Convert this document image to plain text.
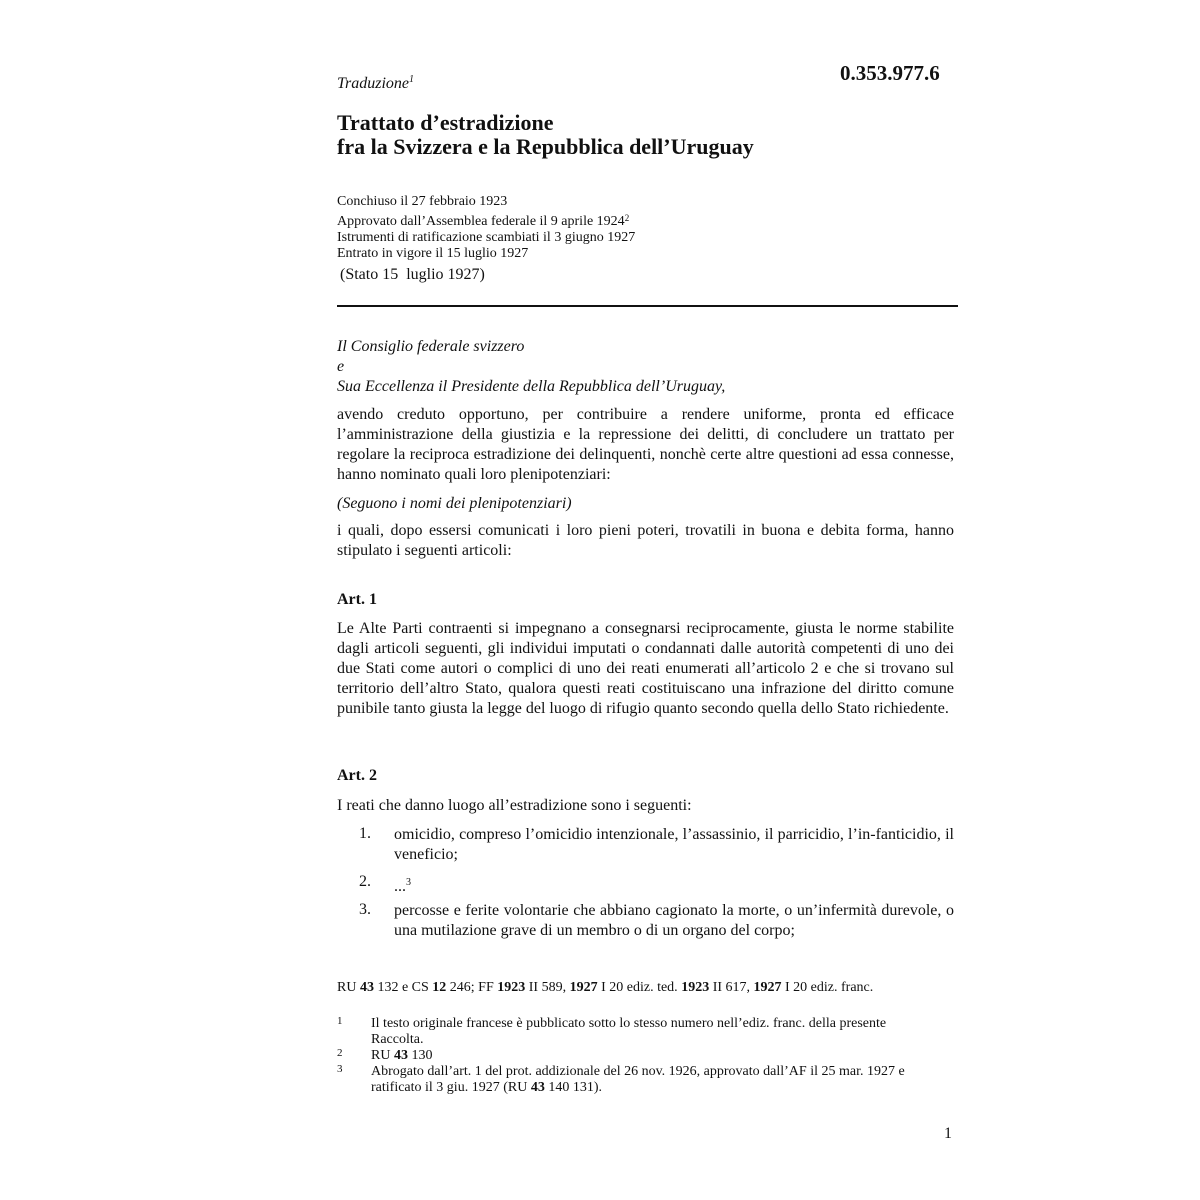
0.353.977.6
Traduzione$^1$
Trattato d’estradizione
fra la Svizzera e la Repubblica dell’Uruguay
Conchiuso il 27 febbraio 1923
Approvato dall’Assemblea federale il 9 aprile 1924$^2$
Istrumenti di ratificazione scambiati il 3 giugno 1927
Entrato in vigore il 15 luglio 1927
(Stato 15  luglio 1927)
Il Consiglio federale svizzero
e
Sua Eccellenza il Presidente della Repubblica dell’Uruguay,
avendo creduto opportuno, per contribuire a rendere uniforme, pronta ed efficace l’amministrazione della giustizia e la repressione dei delitti, di concludere un trattato per regolare la reciproca estradizione dei delinquenti, nonchè certe altre questioni ad essa connesse, hanno nominato quali loro plenipotenziari:
(Seguono i nomi dei plenipotenziari)
i quali, dopo essersi comunicati i loro pieni poteri, trovatili in buona e debita forma, hanno stipulato i seguenti articoli:
Art. 1
Le Alte Parti contraenti si impegnano a consegnarsi reciprocamente, giusta le norme stabilite dagli articoli seguenti, gli individui imputati o condannati dalle autorità competenti di uno dei due Stati come autori o complici di uno dei reati enumerati all’articolo 2 e che si trovano sul territorio dell’altro Stato, qualora questi reati costituiscano una infrazione del diritto comune punibile tanto giusta la legge del luogo di rifugio quanto secondo quella dello Stato richiedente.
Art. 2
I reati che danno luogo all’estradizione sono i seguenti:
1. omicidio, compreso l’omicidio intenzionale, l’assassinio, il parricidio, l’in-fanticidio, il veneficio;
2. ...$^3$
3. percosse e ferite volontarie che abbiano cagionato la morte, o un’infermità durevole, o una mutilazione grave di un membro o di un organo del corpo;
RU 43 132 e CS 12 246; FF 1923 II 589, 1927 I 20 ediz. ted. 1923 II 617, 1927 I 20 ediz. franc.
1 Il testo originale francese è pubblicato sotto lo stesso numero nell’ediz. franc. della presente Raccolta.
2 RU 43 130
3 Abrogato dall’art. 1 del prot. addizionale del 26 nov. 1926, approvato dall’AF il 25 mar. 1927 e ratificato il 3 giu. 1927 (RU 43 140 131).
1
